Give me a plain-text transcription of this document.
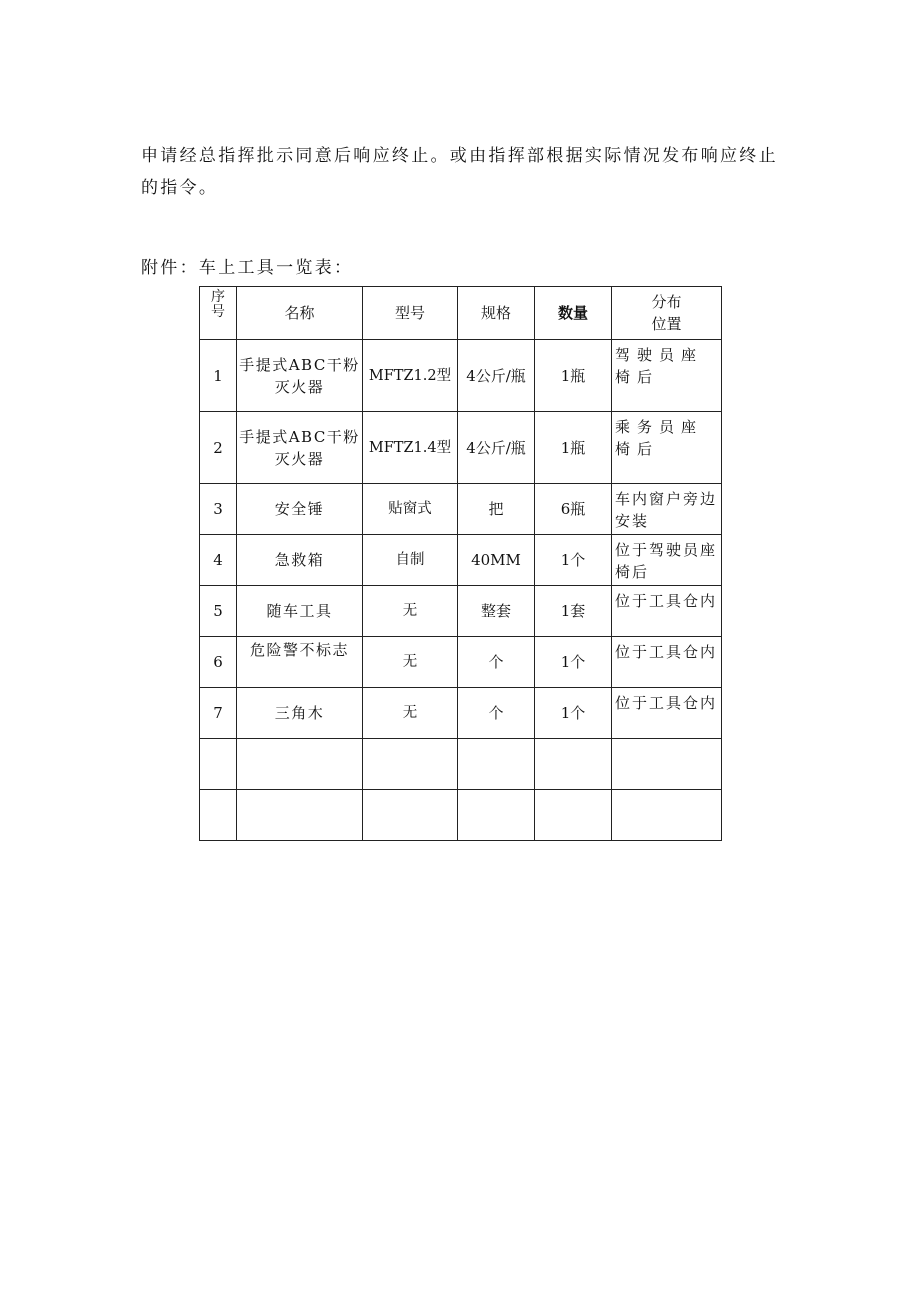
申请经总指挥批示同意后响应终止。或由指挥部根据实际情况发布响应终止的指令。

附件：车上工具一览表：

序号	名称	型号	规格	数量	分布
位置

1	手提式ABC干粉灭火器	MFTZ1.2型	4公斤/瓶	1瓶	驾驶员座椅后
2	手提式ABC干粉灭火器	MFTZ1.4型	4公斤/瓶	1瓶	乘务员座椅后
3	安全锤	贴窗式	把	6瓶	车内窗户旁边安装
4	急救箱	自制	40MM	1个	位于驾驶员座椅后
5	随车工具	无	整套	1套	位于工具仓内
6	危险警不标志	无	个	1个	位于工具仓内
7	三角木	无	个	1个	位于工具仓内
